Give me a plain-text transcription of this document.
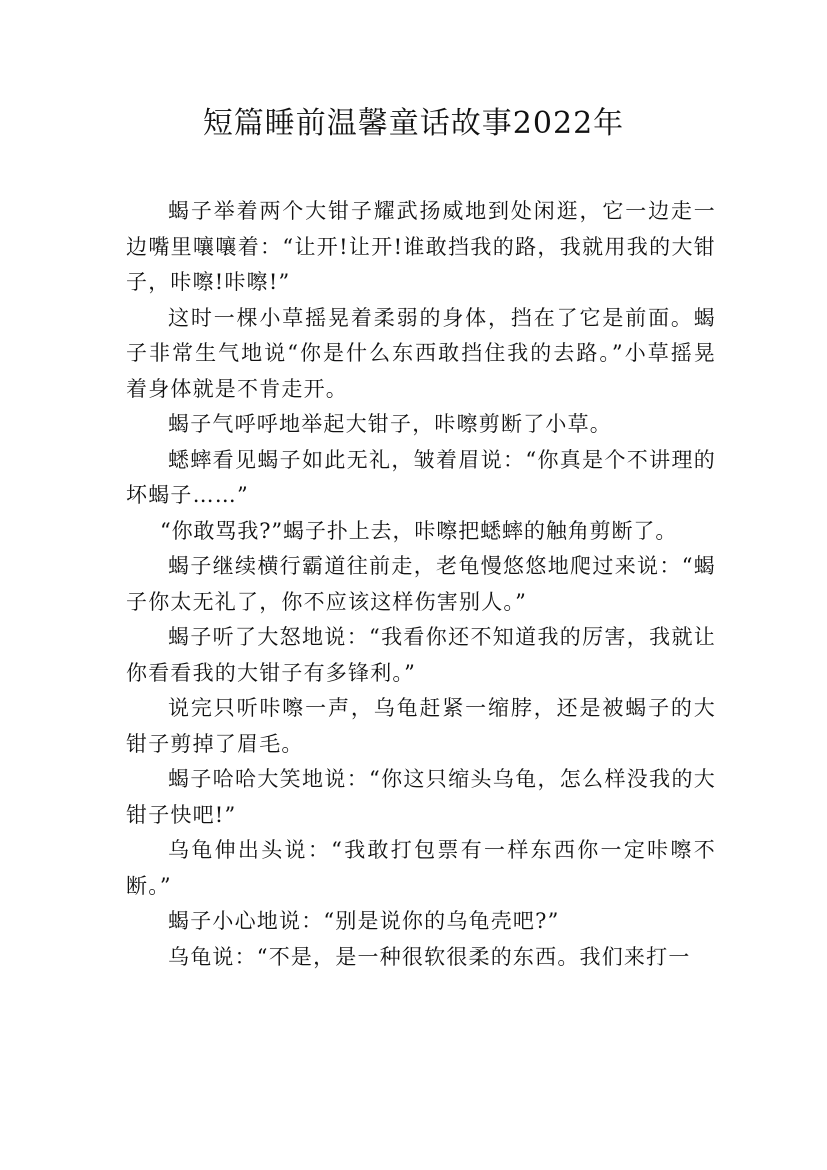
短篇睡前温馨童话故事2022年

蝎子举着两个大钳子耀武扬威地到处闲逛，它一边走一边嘴里嚷嚷着：“让开!让开!谁敢挡我的路，我就用我的大钳子，咔嚓!咔嚓!”

这时一棵小草摇晃着柔弱的身体，挡在了它是前面。蝎子非常生气地说“你是什么东西敢挡住我的去路。”小草摇晃着身体就是不肯走开。

蝎子气呼呼地举起大钳子，咔嚓剪断了小草。

蟋蟀看见蝎子如此无礼，皱着眉说：“你真是个不讲理的坏蝎子……”

“你敢骂我?”蝎子扑上去，咔嚓把蟋蟀的触角剪断了。

蝎子继续横行霸道往前走，老龟慢悠悠地爬过来说：“蝎子你太无礼了，你不应该这样伤害别人。”

蝎子听了大怒地说：“我看你还不知道我的厉害，我就让你看看我的大钳子有多锋利。”

说完只听咔嚓一声，乌龟赶紧一缩脖，还是被蝎子的大钳子剪掉了眉毛。

蝎子哈哈大笑地说：“你这只缩头乌龟，怎么样没我的大钳子快吧!”

乌龟伸出头说：“我敢打包票有一样东西你一定咔嚓不断。”

蝎子小心地说：“别是说你的乌龟壳吧?”

乌龟说：“不是，是一种很软很柔的东西。我们来打一
